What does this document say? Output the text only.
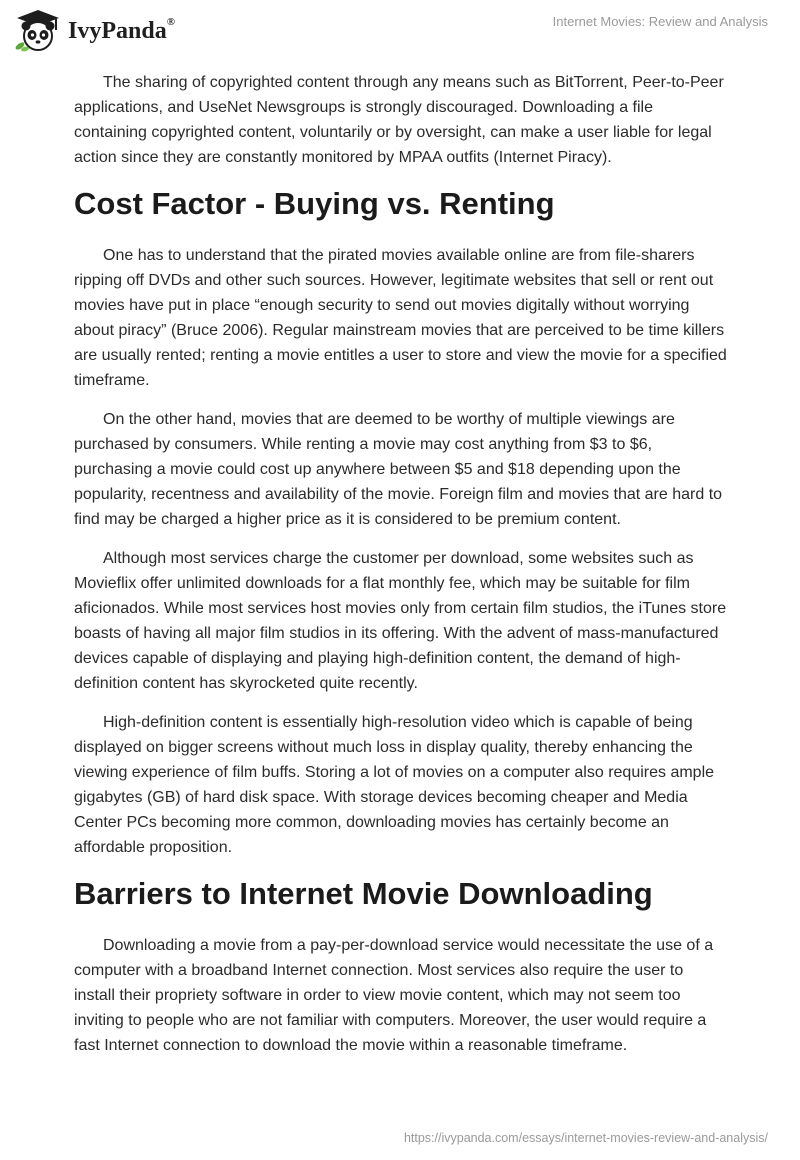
IvyPanda®	Internet Movies: Review and Analysis

The sharing of copyrighted content through any means such as BitTorrent, Peer-to-Peer applications, and UseNet Newsgroups is strongly discouraged. Downloading a file containing copyrighted content, voluntarily or by oversight, can make a user liable for legal action since they are constantly monitored by MPAA outfits (Internet Piracy).

Cost Factor - Buying vs. Renting

One has to understand that the pirated movies available online are from file-sharers ripping off DVDs and other such sources. However, legitimate websites that sell or rent out movies have put in place “enough security to send out movies digitally without worrying about piracy” (Bruce 2006). Regular mainstream movies that are perceived to be time killers are usually rented; renting a movie entitles a user to store and view the movie for a specified timeframe.

On the other hand, movies that are deemed to be worthy of multiple viewings are purchased by consumers. While renting a movie may cost anything from $3 to $6, purchasing a movie could cost up anywhere between $5 and $18 depending upon the popularity, recentness and availability of the movie. Foreign film and movies that are hard to find may be charged a higher price as it is considered to be premium content.

Although most services charge the customer per download, some websites such as Movieflix offer unlimited downloads for a flat monthly fee, which may be suitable for film aficionados. While most services host movies only from certain film studios, the iTunes store boasts of having all major film studios in its offering. With the advent of mass-manufactured devices capable of displaying and playing high-definition content, the demand of high-definition content has skyrocketed quite recently.

High-definition content is essentially high-resolution video which is capable of being displayed on bigger screens without much loss in display quality, thereby enhancing the viewing experience of film buffs. Storing a lot of movies on a computer also requires ample gigabytes (GB) of hard disk space. With storage devices becoming cheaper and Media Center PCs becoming more common, downloading movies has certainly become an affordable proposition.

Barriers to Internet Movie Downloading

Downloading a movie from a pay-per-download service would necessitate the use of a computer with a broadband Internet connection. Most services also require the user to install their propriety software in order to view movie content, which may not seem too inviting to people who are not familiar with computers. Moreover, the user would require a fast Internet connection to download the movie within a reasonable timeframe.

https://ivypanda.com/essays/internet-movies-review-and-analysis/
